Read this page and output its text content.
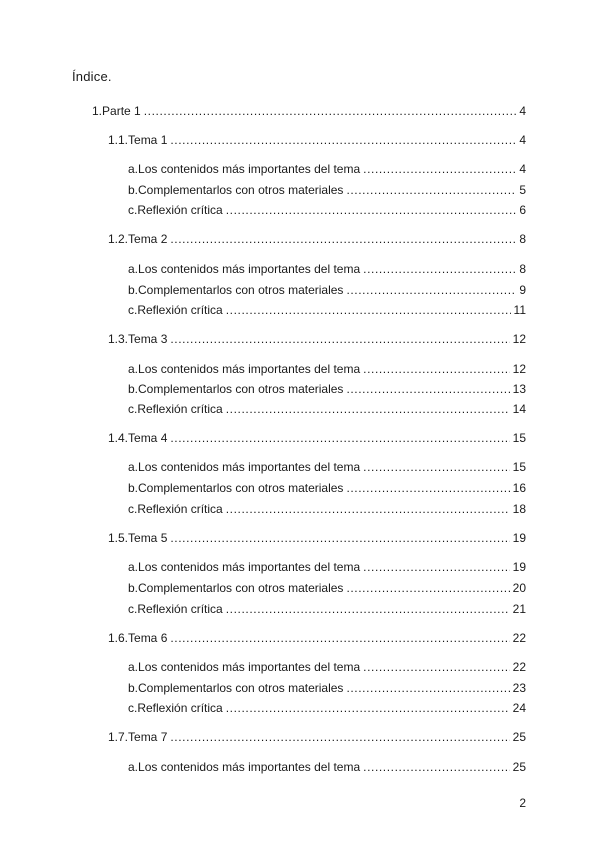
Índice.
1. Parte 1 .....	4
1.1. Tema 1 .....	4
a. Los contenidos más importantes del tema .....	4
b. Complementarlos con otros materiales .....	5
c. Reflexión crítica .....	6
1.2. Tema 2 .....	8
a. Los contenidos más importantes del tema .....	8
b. Complementarlos con otros materiales .....	9
c. Reflexión crítica .....	11
1.3. Tema 3 .....	12
a. Los contenidos más importantes del tema .....	12
b. Complementarlos con otros materiales .....	13
c. Reflexión crítica .....	14
1.4. Tema 4 .....	15
a. Los contenidos más importantes del tema .....	15
b. Complementarlos con otros materiales .....	16
c. Reflexión crítica .....	18
1.5. Tema 5 .....	19
a. Los contenidos más importantes del tema .....	19
b. Complementarlos con otros materiales .....	20
c. Reflexión crítica .....	21
1.6. Tema 6 .....	22
a. Los contenidos más importantes del tema .....	22
b. Complementarlos con otros materiales .....	23
c. Reflexión crítica .....	24
1.7. Tema 7 .....	25
a. Los contenidos más importantes del tema .....	25
2
